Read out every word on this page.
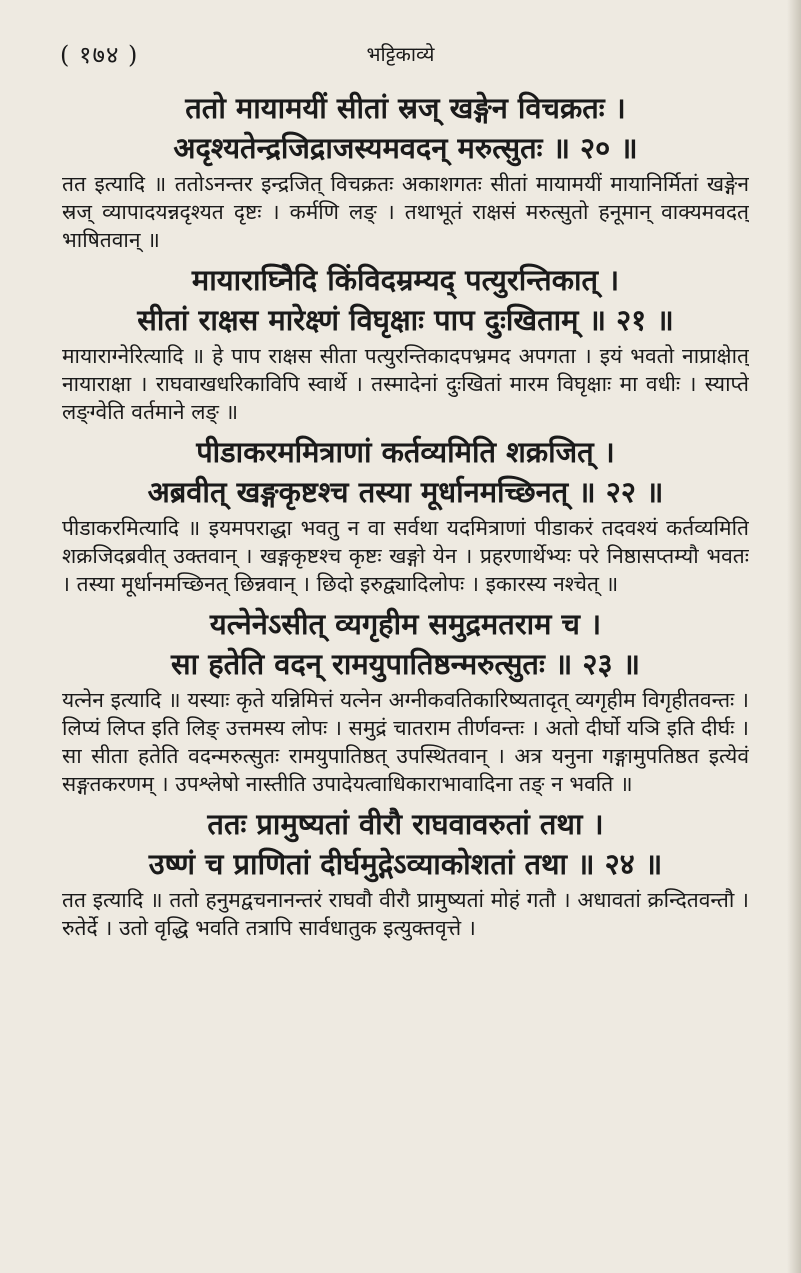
( १७४ )	भट्टिकाव्ये

ततो मायामयीं सीतां स्रज् खङ्गेन विचक्रतः ।

अदृश्यतेन्द्रजिद्राजस्यमवदन् मरुत्सुतः ॥ २० ॥

तत इत्यादि ॥ ततोऽनन्तर इन्द्रजित् विचक्रतः अकाशगतः सीतां मायामयीं मायानिर्मितां खङ्गेन स्रज् व्यापादयन्नदृश्यत दृष्टः । कर्मणि लङ् । तथाभूतं राक्षसं मरुत्सुतो हनूमान् वाक्यमवदत् भाषितवान् ॥

मायाराघ्नेिदि किंविदम्रम्यद् पत्युरन्तिकात् ।

सीतां राक्षस मारेक्ष्णं विघृक्षाः पाप दुःखिताम् ॥ २१ ॥

मायाराग्नेरित्यादि ॥ हे पाप राक्षस सीता पत्युरन्तिकादपभ्रमद अपगता । इयं भवतो नाप्राक्षेात् नायाराक्षा । राघवाखधरिकाविपि स्वार्थे । तस्मादेनां दुःखितां मारम विघृक्षाः मा वधीः । स्याप्ते लङ्ग्वेति वर्तमाने लङ् ॥

पीडाकरममित्राणां कर्तव्यमिति शक्रजित् ।

अब्रवीत् खङ्गकृष्टश्च तस्या मूर्धानमच्छिनत् ॥ २२ ॥

पीडाकरमित्यादि ॥ इयमपराद्धा भवतु न वा सर्वथा यदमित्राणां पीडाकरं तदवश्यं कर्तव्यमिति शक्रजिदब्रवीत् उक्तवान् । खङ्गकृष्टश्च कृष्टः खङ्गो येन । प्रहरणार्थेभ्यः परे निष्ठासप्तम्यौ भवतः । तस्या मूर्धानमच्छिनत् छिन्नवान् । छिदो इरुद्व्यादिलोपः । इकारस्य नश्चेत् ॥

यत्नेनेऽसीत् व्यगृहीम समुद्रमतराम च ।

सा हतेति वदन् रामयुपातिष्ठन्मरुत्सुतः ॥ २३ ॥

यत्नेन इत्यादि ॥ यस्याः कृते यन्निमित्तं यत्नेन अग्नीकवतिकारिष्यतादृत् व्यगृहीम विगृहीतवन्तः । लिप्यं लिप्त इति लिङ् उत्तमस्य लोपः । समुद्रं चातराम तीर्णवन्तः । अतो दीर्घो यञि इति दीर्घः । सा सीता हतेति वदन्मरुत्सुतः रामयुपातिष्ठत् उपस्थितवान् । अत्र यनुना गङ्गामुपतिष्ठत इत्येवं सङ्गतकरणम् । उपश्लेषो नास्तीति उपादेयत्वाधिकाराभावादिना तङ् न भवति ॥

ततः प्रामुष्यतां वीरौ राघवावरुतां तथा ।

उष्णं च प्राणितां दीर्घमुद्गेऽव्याकोशतां तथा ॥ २४ ॥

तत इत्यादि ॥ ततो हनुमद्वचनानन्तरं राघवौ वीरौ प्रामुष्यतां मोहं गतौ । अधावतां क्रन्दितवन्तौ । रुतेर्दे । उतो वृद्धि भवति तत्रापि सार्वधातुक इत्युक्तवृत्ते ।
